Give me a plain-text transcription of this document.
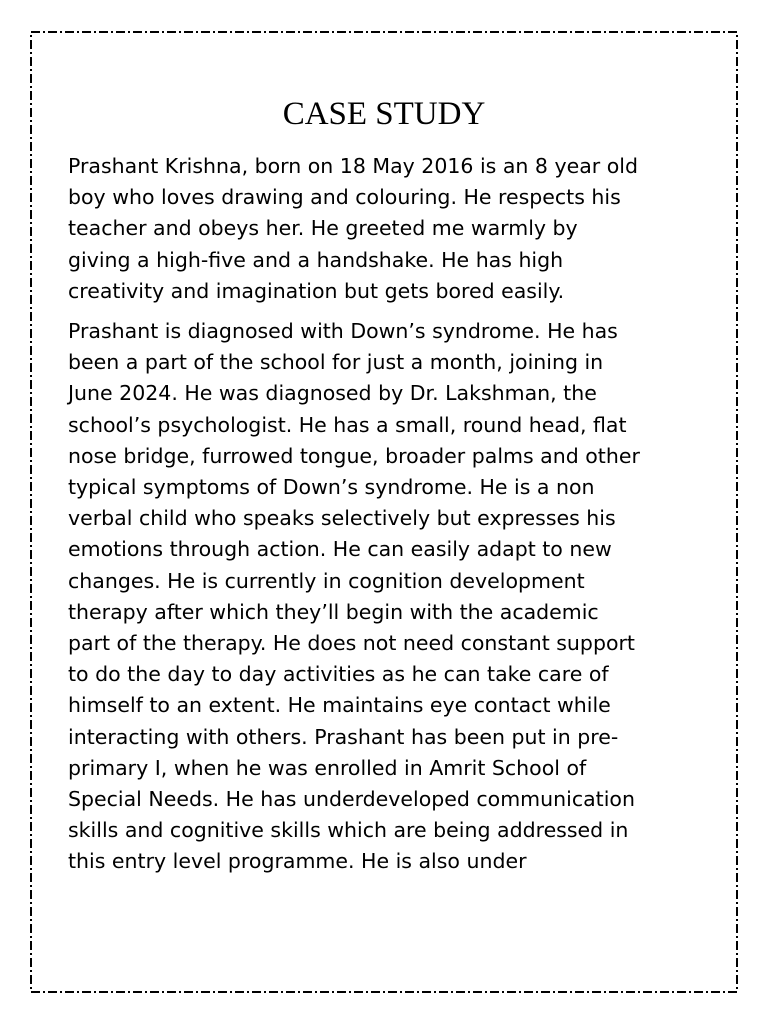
CASE STUDY

Prashant Krishna, born on 18 May 2016 is an 8 year old
boy who loves drawing and colouring. He respects his
teacher and obeys her. He greeted me warmly by
giving a high-five and a handshake. He has high
creativity and imagination but gets bored easily.

Prashant is diagnosed with Down’s syndrome. He has
been a part of the school for just a month, joining in
June 2024. He was diagnosed by Dr. Lakshman, the
school’s psychologist. He has a small, round head, flat
nose bridge, furrowed tongue, broader palms and other
typical symptoms of Down’s syndrome. He is a non
verbal child who speaks selectively but expresses his
emotions through action. He can easily adapt to new
changes. He is currently in cognition development
therapy after which they’ll begin with the academic
part of the therapy. He does not need constant support
to do the day to day activities as he can take care of
himself to an extent. He maintains eye contact while
interacting with others. Prashant has been put in pre-
primary I, when he was enrolled in Amrit School of
Special Needs. He has underdeveloped communication
skills and cognitive skills which are being addressed in
this entry level programme. He is also under
